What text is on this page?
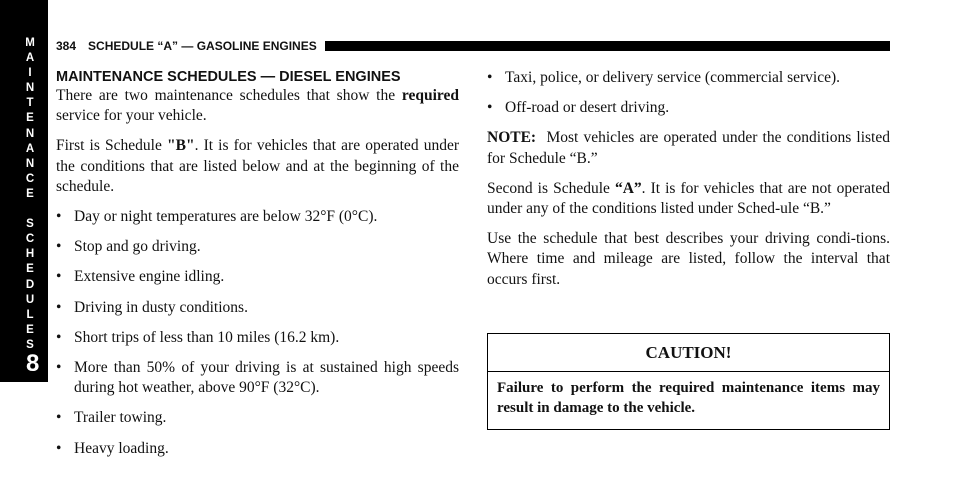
M
A
I
N
T
E
N
A
N
C
E
S
C
H
E
D
U
L
E
S
8
384 SCHEDULE “A” — GASOLINE ENGINES
MAINTENANCE SCHEDULES — DIESEL ENGINES

There are two maintenance schedules that show the required service for your vehicle.

First is Schedule "B". It is for vehicles that are operated under the conditions that are listed below and at the beginning of the schedule.

• Day or night temperatures are below 32°F (0°C).
• Stop and go driving.
• Extensive engine idling.
• Driving in dusty conditions.
• Short trips of less than 10 miles (16.2 km).
• More than 50% of your driving is at sustained high speeds during hot weather, above 90°F (32°C).
• Trailer towing.
• Heavy loading.
• Taxi, police, or delivery service (commercial service).
• Off-road or desert driving.

NOTE:  Most vehicles are operated under the conditions listed for Schedule “B.”

Second is Schedule “A”. It is for vehicles that are not operated under any of the conditions listed under Sched-ule “B.”

Use the schedule that best describes your driving condi-tions. Where time and mileage are listed, follow the interval that occurs first.

CAUTION!
Failure to perform the required maintenance items may result in damage to the vehicle.
